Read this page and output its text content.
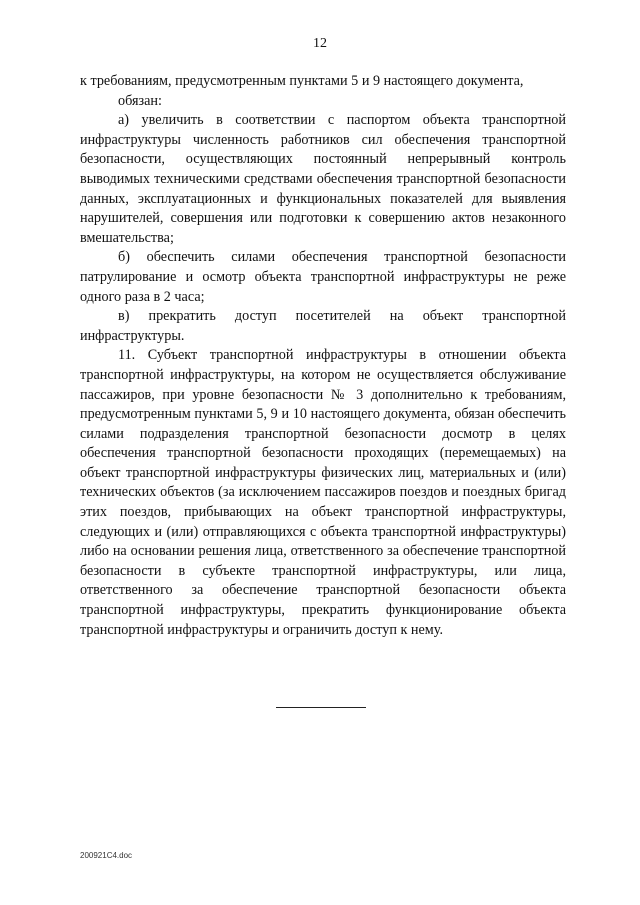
12

к требованиям, предусмотренным пунктами 5 и 9 настоящего документа,

обязан:

а) увеличить в соответствии с паспортом объекта транспортной инфраструктуры численность работников сил обеспечения транспортной безопасности, осуществляющих постоянный непрерывный контроль выводимых техническими средствами обеспечения транспортной безопасности данных, эксплуатационных и функциональных показателей для выявления нарушителей, совершения или подготовки к совершению актов незаконного вмешательства;

б) обеспечить силами обеспечения транспортной безопасности патрулирование и осмотр объекта транспортной инфраструктуры не реже одного раза в 2 часа;

в) прекратить доступ посетителей на объект транспортной инфраструктуры.

11. Субъект транспортной инфраструктуры в отношении объекта транспортной инфраструктуры, на котором не осуществляется обслуживание пассажиров, при уровне безопасности № 3 дополнительно к требованиям, предусмотренным пунктами 5, 9 и 10 настоящего документа, обязан обеспечить силами подразделения транспортной безопасности досмотр в целях обеспечения транспортной безопасности проходящих (перемещаемых) на объект транспортной инфраструктуры физических лиц, материальных и (или) технических объектов (за исключением пассажиров поездов и поездных бригад этих поездов, прибывающих на объект транспортной инфраструктуры, следующих и (или) отправляющихся с объекта транспортной инфраструктуры) либо на основании решения лица, ответственного за обеспечение транспортной безопасности в субъекте транспортной инфраструктуры, или лица, ответственного за обеспечение транспортной безопасности объекта транспортной инфраструктуры, прекратить функционирование объекта транспортной инфраструктуры и ограничить доступ к нему.

200921C4.doc
